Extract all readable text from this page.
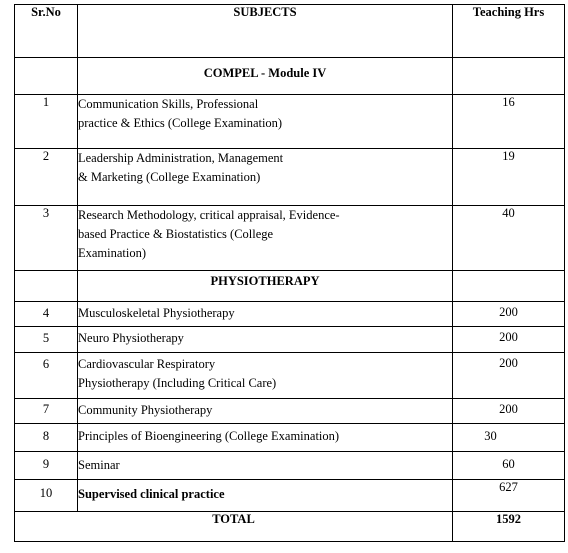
Sr.No	SUBJECTS	Teaching Hrs
	COMPEL - Module IV	
1	Communication Skills, Professional
practice & Ethics (College Examination)	16
2	Leadership Administration, Management
& Marketing (College Examination)	19
3	Research Methodology, critical appraisal, Evidence-
based Practice & Biostatistics (College
Examination)	40
	PHYSIOTHERAPY	
4	Musculoskeletal Physiotherapy	200
5	Neuro Physiotherapy	200
6	Cardiovascular Respiratory
Physiotherapy (Including Critical Care)	200
7	Community Physiotherapy	200
8	Principles of Bioengineering (College Examination)	30
9	Seminar	60
10	Supervised clinical practice	627
TOTAL		1592
